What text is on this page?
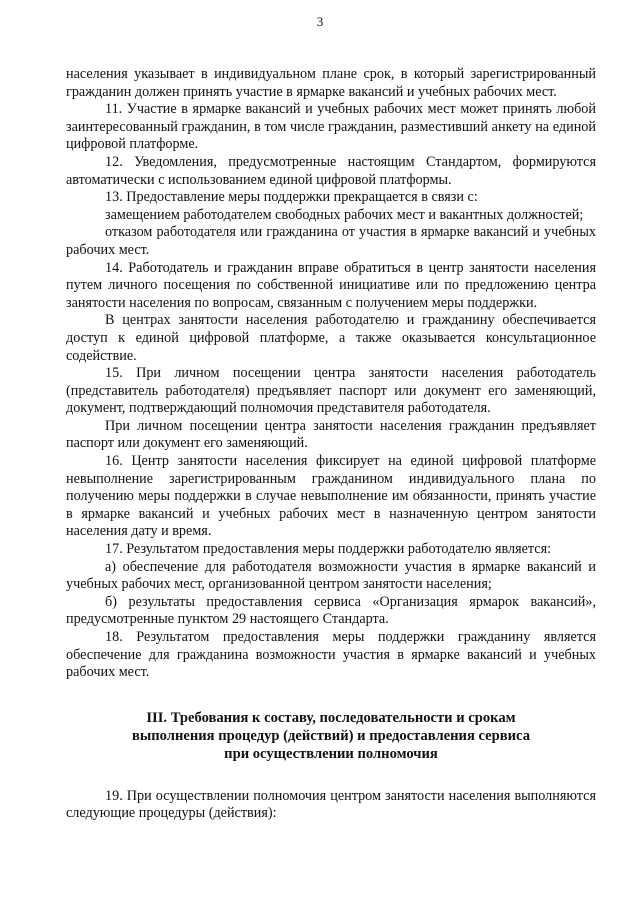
3

населения указывает в индивидуальном плане срок, в который зарегистрированный гражданин должен принять участие в ярмарке вакансий и учебных рабочих мест.

11. Участие в ярмарке вакансий и учебных рабочих мест может принять любой заинтересованный гражданин, в том числе гражданин, разместивший анкету на единой цифровой платформе.

12. Уведомления, предусмотренные настоящим Стандартом, формируются автоматически с использованием единой цифровой платформы.

13. Предоставление меры поддержки прекращается в связи с:

замещением работодателем свободных рабочих мест и вакантных должностей;

отказом работодателя или гражданина от участия в ярмарке вакансий и учебных рабочих мест.

14. Работодатель и гражданин вправе обратиться в центр занятости населения путем личного посещения по собственной инициативе или по предложению центра занятости населения по вопросам, связанным с получением меры поддержки.

В центрах занятости населения работодателю и гражданину обеспечивается доступ к единой цифровой платформе, а также оказывается консультационное содействие.

15. При личном посещении центра занятости населения работодатель (представитель работодателя) предъявляет паспорт или документ его заменяющий, документ, подтверждающий полномочия представителя работодателя.

При личном посещении центра занятости населения гражданин предъявляет паспорт или документ его заменяющий.

16. Центр занятости населения фиксирует на единой цифровой платформе невыполнение зарегистрированным гражданином индивидуального плана по получению меры поддержки в случае невыполнение им обязанности, принять участие в ярмарке вакансий и учебных рабочих мест в назначенную центром занятости населения дату и время.

17. Результатом предоставления меры поддержки работодателю является:

а) обеспечение для работодателя возможности участия в ярмарке вакансий и учебных рабочих мест, организованной центром занятости населения;

б) результаты предоставления сервиса «Организация ярмарок вакансий», предусмотренные пунктом 29 настоящего Стандарта.

18. Результатом предоставления меры поддержки гражданину является обеспечение для гражданина возможности участия в ярмарке вакансий и учебных рабочих мест.

III. Требования к составу, последовательности и срокам
выполнения процедур (действий) и предоставления сервиса
при осуществлении полномочия

19. При осуществлении полномочия центром занятости населения выполняются следующие процедуры (действия):
